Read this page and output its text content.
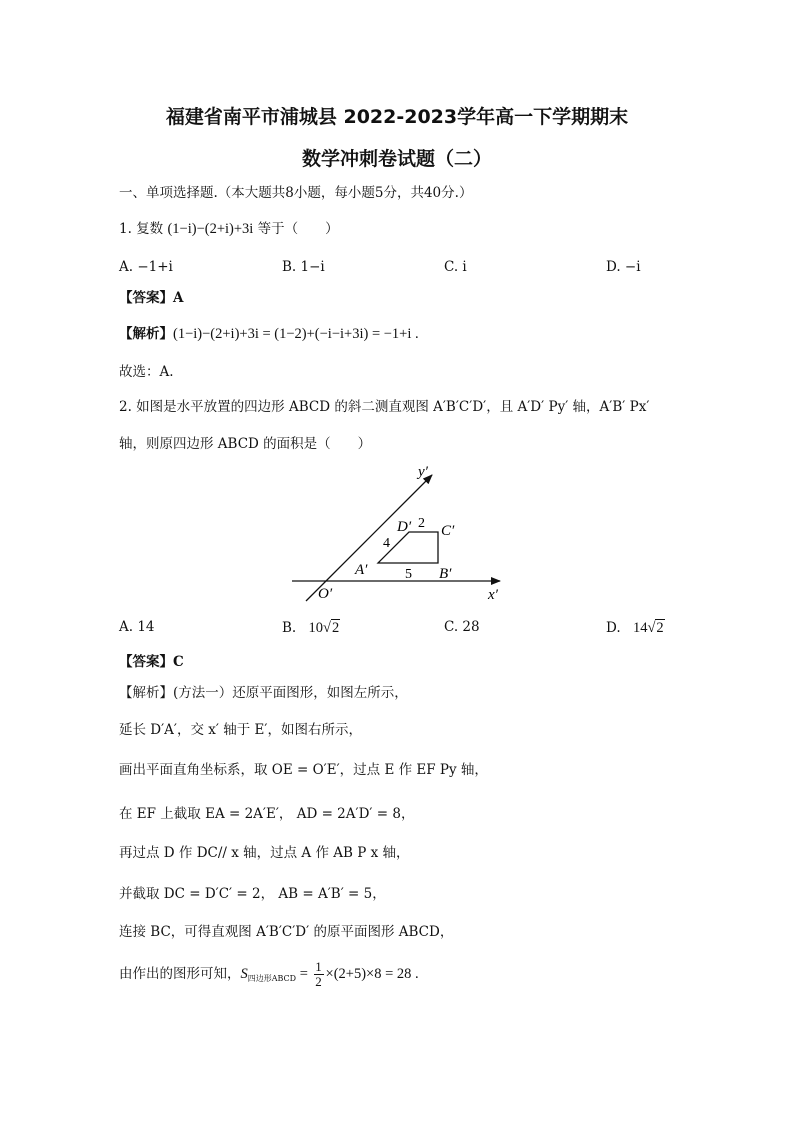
福建省南平市浦城县 2022-2023学年高一下学期期末
数学冲刺卷试题（二）
一、单项选择题.（本大题共8小题，每小题5分，共40分.）
1. 复数 (1−i)−(2+i)+3i 等于（　　）
A. −1+i	B. 1−i	C. i	D. −i
【答案】A
【解析】(1−i)−(2+i)+3i = (1−2)+(−i−i+3i) = −1+i .
故选：A.
2. 如图是水平放置的四边形 ABCD 的斜二测直观图 A′B′C′D′，且 A′D′ Py′ 轴，A′B′ Px′
轴，则原四边形 ABCD 的面积是（　　）
y′
x′
O′
A′	B′
C′
D′ 2
4
5
A. 14	B. 10√2	C. 28	D. 14√2
【答案】C
【解析】(方法一）还原平面图形，如图左所示，
延长 D′A′，交 x′ 轴于 E′，如图右所示，
画出平面直角坐标系，取 OE = O′E′，过点 E 作 EF Py 轴，
在 EF 上截取 EA = 2A′E′， AD = 2A′D′ = 8，
再过点 D 作 DC// x 轴，过点 A 作 AB P x 轴，
并截取 DC = D′C′ = 2， AB = A′B′ = 5，
连接 BC，可得直观图 A′B′C′D′ 的原平面图形 ABCD，
由作出的图形可知，$S_{四边形ABCD} = \frac{1}{2} \times(2+5)\times 8 = 28$ .
